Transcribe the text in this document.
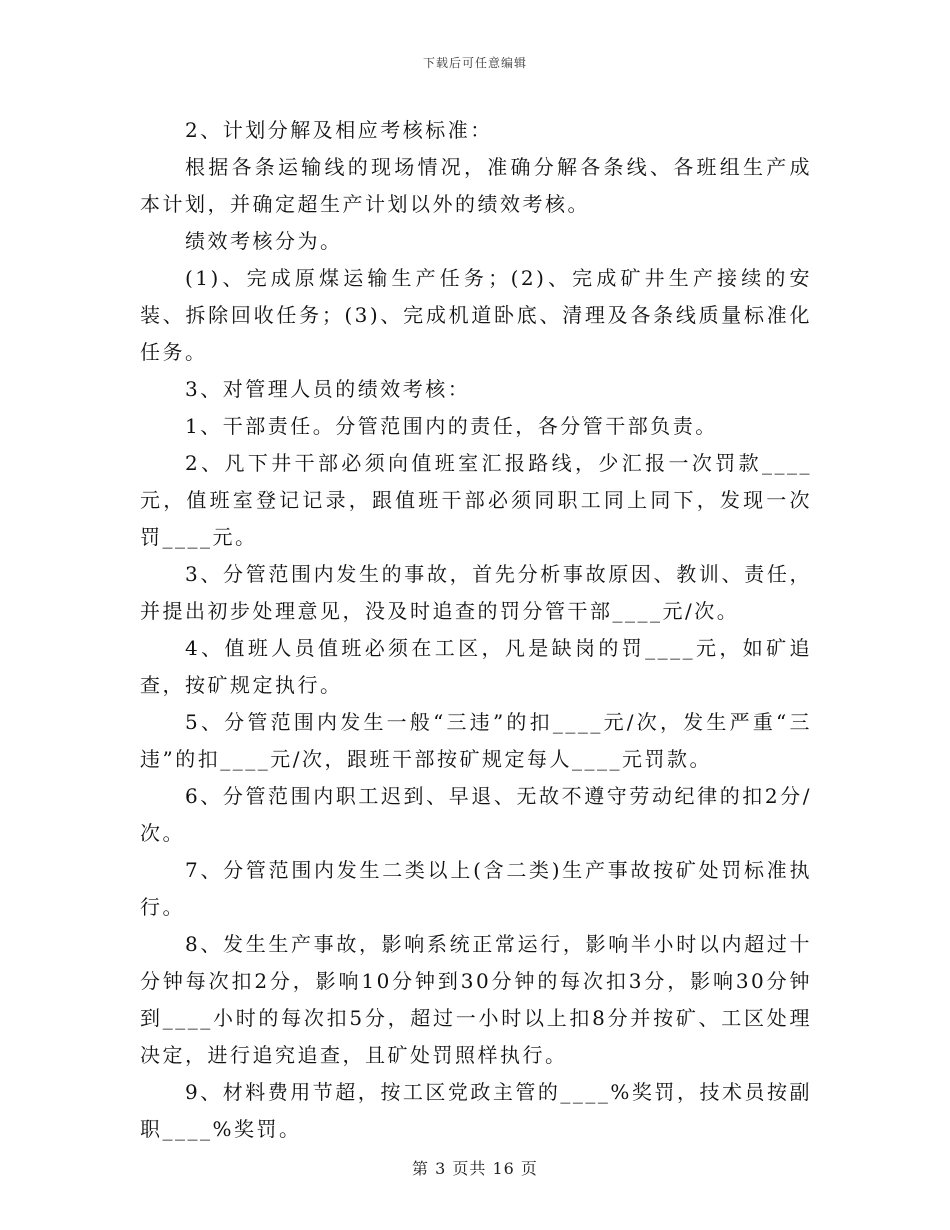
下载后可任意编辑

2、计划分解及相应考核标准：

根据各条运输线的现场情况，准确分解各条线、各班组生产成本计划，并确定超生产计划以外的绩效考核。

绩效考核分为。

(1)、完成原煤运输生产任务；(2)、完成矿井生产接续的安装、拆除回收任务；(3)、完成机道卧底、清理及各条线质量标准化任务。

3、对管理人员的绩效考核：

1、干部责任。分管范围内的责任，各分管干部负责。

2、凡下井干部必须向值班室汇报路线，少汇报一次罚款____元，值班室登记记录，跟值班干部必须同职工同上同下，发现一次罚____元。

3、分管范围内发生的事故，首先分析事故原因、教训、责任，并提出初步处理意见，没及时追查的罚分管干部____元/次。

4、值班人员值班必须在工区，凡是缺岗的罚____元，如矿追查，按矿规定执行。

5、分管范围内发生一般“三违”的扣____元/次，发生严重“三违”的扣____元/次，跟班干部按矿规定每人____元罚款。

6、分管范围内职工迟到、早退、无故不遵守劳动纪律的扣2分/次。

7、分管范围内发生二类以上(含二类)生产事故按矿处罚标准执行。

8、发生生产事故，影响系统正常运行，影响半小时以内超过十分钟每次扣2分，影响10分钟到30分钟的每次扣3分，影响30分钟到____小时的每次扣5分，超过一小时以上扣8分并按矿、工区处理决定，进行追究追查，且矿处罚照样执行。

9、材料费用节超，按工区党政主管的____%奖罚，技术员按副职____%奖罚。

第 3 页共 16 页
